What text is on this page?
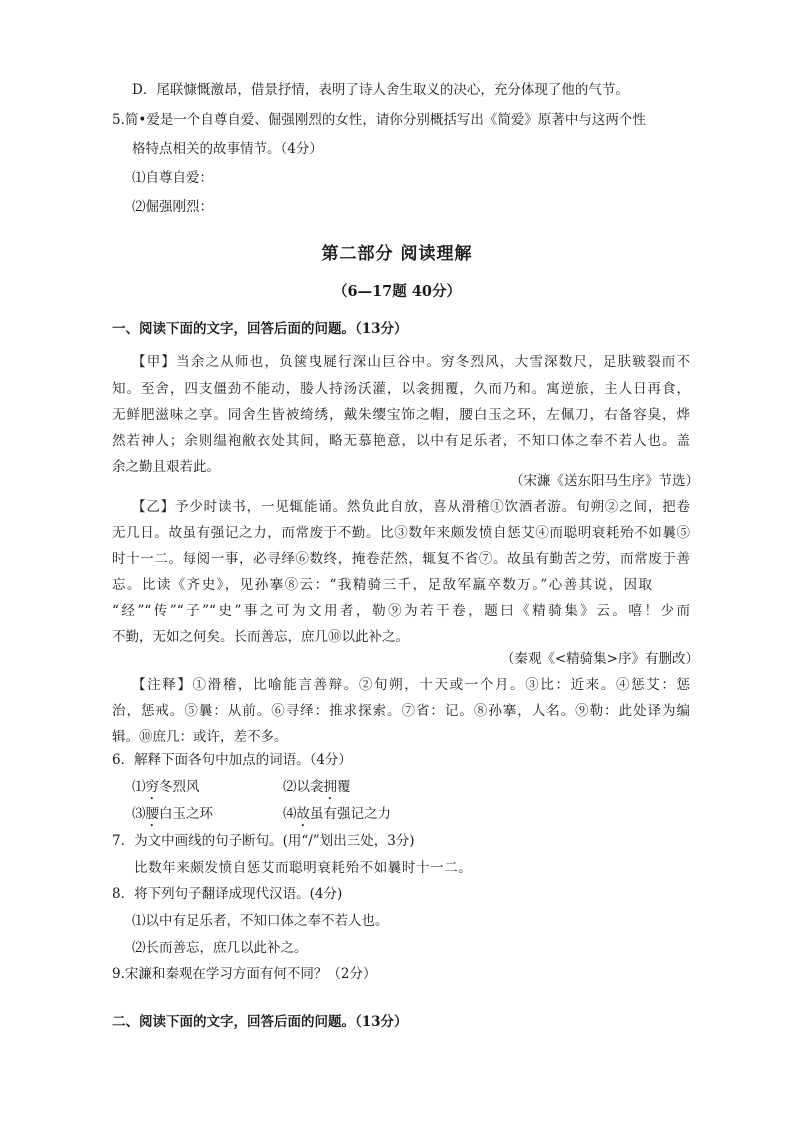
D．尾联慷慨激昂，借景抒情，表明了诗人舍生取义的决心，充分体现了他的气节。
5.简•爱是一个自尊自爱、倔强刚烈的女性，请你分别概括写出《简爱》原著中与这两个性
格特点相关的故事情节。（4分）
⑴自尊自爱：
⑵倔强刚烈：
第二部分 阅读理解
（6—17题 40分）
一、阅读下面的文字，回答后面的问题。（13分）
【甲】当余之从师也，负箧曳屣行深山巨谷中。穷冬烈风，大雪深数尺，足肤皲裂而不
知。至舍，四支僵劲不能动，媵人持汤沃灌，以衾拥覆，久而乃和。寓逆旅，主人日再食，
无鲜肥滋味之享。同舍生皆被绮绣，戴朱缨宝饰之帽，腰白玉之环，左佩刀，右备容臭，烨
然若神人；余则缊袍敝衣处其间，略无慕艳意，以中有足乐者，不知口体之奉不若人也。盖
余之勤且艰若此。
（宋濂《送东阳马生序》节选）
【乙】予少时读书，一见辄能诵。然负此自放，喜从滑稽①饮酒者游。旬朔②之间，把卷
无几日。故虽有强记之力，而常废于不勤。比③数年来颇发愤自惩艾④而聪明衰耗殆不如曩⑤
时十一二。每阅一事，必寻绎⑥数终，掩卷茫然，辄复不省⑦。故虽有勤苦之劳，而常废于善
忘。比读《齐史》，见孙搴⑧云：“我精骑三千，足敌军羸卒数万。”心善其说，因取
“经”“传”“子”“史”事之可为文用者，勒⑨为若干卷，题曰《精骑集》云。嘻！少而
不勤，无如之何矣。长而善忘，庶几⑩以此补之。
（秦观《<精骑集>序》有删改）
【注释】①滑稽，比喻能言善辩。②旬朔，十天或一个月。③比：近来。④惩艾：惩
治，惩戒。⑤曩：从前。⑥寻绎：推求探索。⑦省：记。⑧孙搴，人名。⑨勒：此处译为编
辑。⑩庶几：或许，差不多。
6．解释下面各句中加点的词语。（4分）
⑴穷冬烈风	⑵以衾拥覆
⑶腰白玉之环	⑷故虽有强记之力
7．为文中画线的句子断句。(用“/”划出三处，3分)
比数年来颇发愤自惩艾而聪明衰耗殆不如曩时十一二。
8．将下列句子翻译成现代汉语。(4分)
⑴以中有足乐者，不知口体之奉不若人也。
⑵长而善忘，庶几以此补之。
9.宋濂和秦观在学习方面有何不同？（2分）
二、阅读下面的文字，回答后面的问题。（13分）
